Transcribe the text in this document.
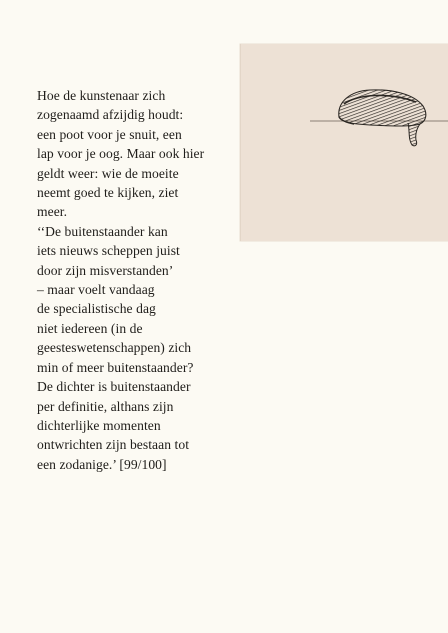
Hoe de kunstenaar zich
zogenaamd afzijdig houdt:
een poot voor je snuit, een
lap voor je oog. Maar ook hier
geldt weer: wie de moeite
neemt goed te kijken, ziet
meer.
‘‘De buitenstaander kan
iets nieuws scheppen juist
door zijn misverstanden’
– maar voelt vandaag
de specialistische dag
niet iedereen (in de
geesteswetenschappen) zich
min of meer buitenstaander?
De dichter is buitenstaander
per definitie, althans zijn
dichterlijke momenten
ontwrichten zijn bestaan tot
een zodanige.’ [99/100]
